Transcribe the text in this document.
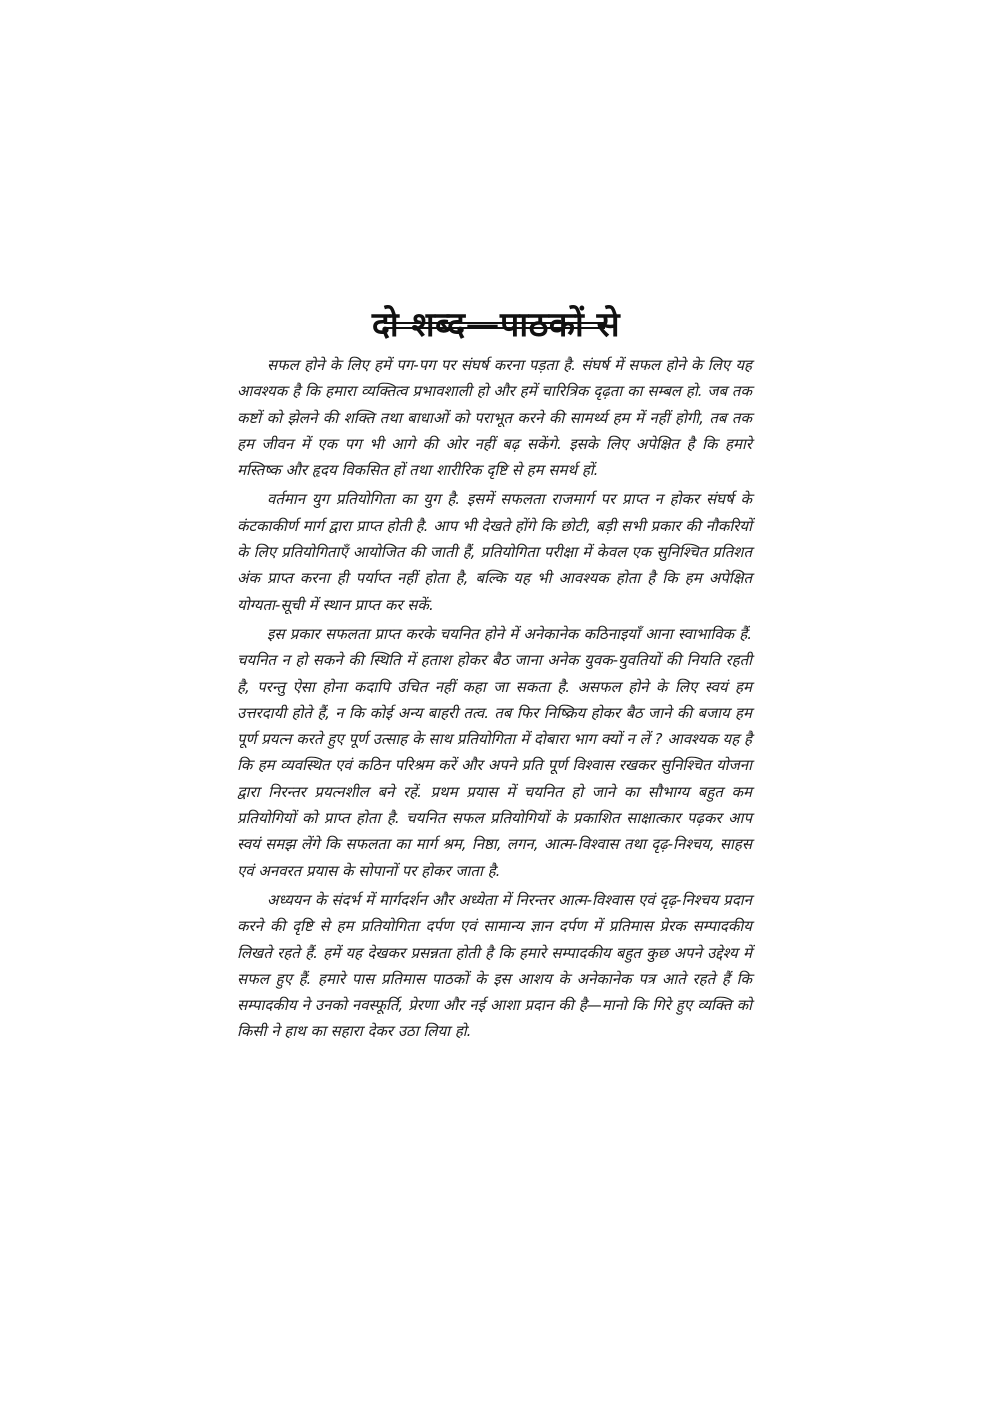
दो शब्द—पाठकों से

सफल होने के लिए हमें पग-पग पर संघर्ष करना पड़ता है. संघर्ष में सफल होने के लिए यह आवश्यक है कि हमारा व्यक्तित्व प्रभावशाली हो और हमें चारित्रिक दृढ़ता का सम्बल हो. जब तक कष्टों को झेलने की शक्ति तथा बाधाओं को पराभूत करने की सामर्थ्य हम में नहीं होगी, तब तक हम जीवन में एक पग भी आगे की ओर नहीं बढ़ सकेंगे. इसके लिए अपेक्षित है कि हमारे मस्तिष्क और हृदय विकसित हों तथा शारीरिक दृष्टि से हम समर्थ हों.

वर्तमान युग प्रतियोगिता का युग है. इसमें सफलता राजमार्ग पर प्राप्त न होकर संघर्ष के कंटकाकीर्ण मार्ग द्वारा प्राप्त होती है. आप भी देखते होंगे कि छोटी, बड़ी सभी प्रकार की नौकरियों के लिए प्रतियोगिताएँ आयोजित की जाती हैं, प्रतियोगिता परीक्षा में केवल एक सुनिश्चित प्रतिशत अंक प्राप्त करना ही पर्याप्त नहीं होता है, बल्कि यह भी आवश्यक होता है कि हम अपेक्षित योग्यता-सूची में स्थान प्राप्त कर सकें.

इस प्रकार सफलता प्राप्त करके चयनित होने में अनेकानेक कठिनाइयाँ आना स्वाभाविक हैं. चयनित न हो सकने की स्थिति में हताश होकर बैठ जाना अनेक युवक-युवतियों की नियति रहती है, परन्तु ऐसा होना कदापि उचित नहीं कहा जा सकता है. असफल होने के लिए स्वयं हम उत्तरदायी होते हैं, न कि कोई अन्य बाहरी तत्व. तब फिर निष्क्रिय होकर बैठ जाने की बजाय हम पूर्ण प्रयत्न करते हुए पूर्ण उत्साह के साथ प्रतियोगिता में दोबारा भाग क्यों न लें ? आवश्यक यह है कि हम व्यवस्थित एवं कठिन परिश्रम करें और अपने प्रति पूर्ण विश्वास रखकर सुनिश्चित योजना द्वारा निरन्तर प्रयत्नशील बने रहें. प्रथम प्रयास में चयनित हो जाने का सौभाग्य बहुत कम प्रतियोगियों को प्राप्त होता है. चयनित सफल प्रतियोगियों के प्रकाशित साक्षात्कार पढ़कर आप स्वयं समझ लेंगे कि सफलता का मार्ग श्रम, निष्ठा, लगन, आत्म-विश्वास तथा दृढ़-निश्चय, साहस एवं अनवरत प्रयास के सोपानों पर होकर जाता है.

अध्ययन के संदर्भ में मार्गदर्शन और अध्येता में निरन्तर आत्म-विश्वास एवं दृढ़-निश्चय प्रदान करने की दृष्टि से हम प्रतियोगिता दर्पण एवं सामान्य ज्ञान दर्पण में प्रतिमास प्रेरक सम्पादकीय लिखते रहते हैं. हमें यह देखकर प्रसन्नता होती है कि हमारे सम्पादकीय बहुत कुछ अपने उद्देश्य में सफल हुए हैं. हमारे पास प्रतिमास पाठकों के इस आशय के अनेकानेक पत्र आते रहते हैं कि सम्पादकीय ने उनको नवस्फूर्ति, प्रेरणा और नई आशा प्रदान की है—मानो कि गिरे हुए व्यक्ति को किसी ने हाथ का सहारा देकर उठा लिया हो.
